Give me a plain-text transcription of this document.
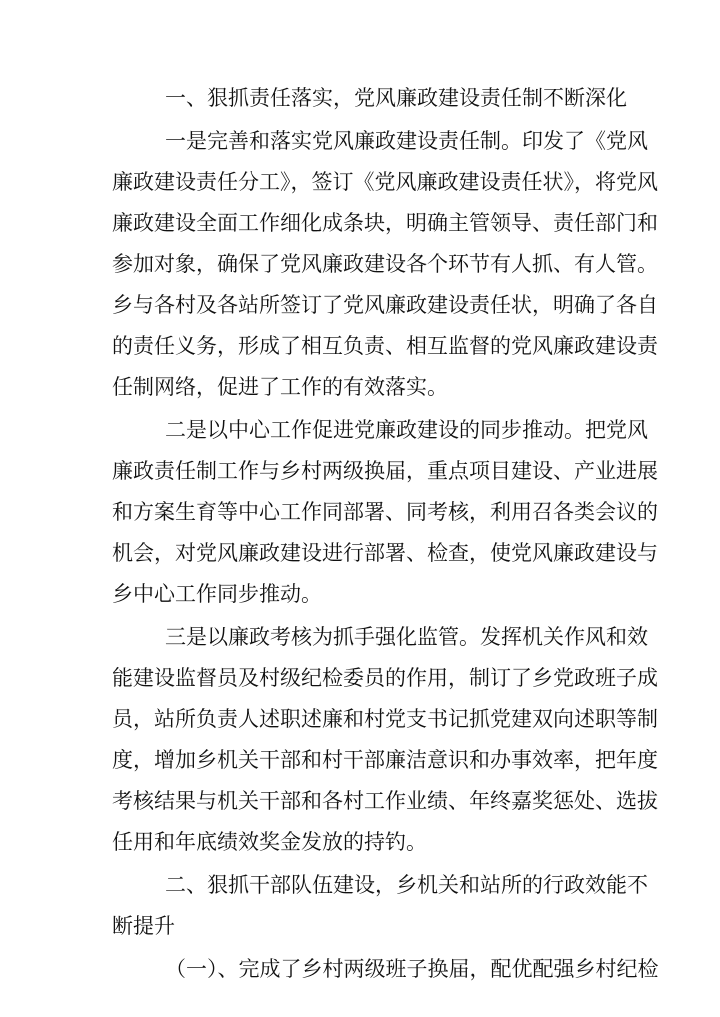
一、狠抓责任落实，党风廉政建设责任制不断深化
一是完善和落实党风廉政建设责任制。印发了《党风
廉政建设责任分工》，签订《党风廉政建设责任状》，将党风
廉政建设全面工作细化成条块，明确主管领导、责任部门和
参加对象，确保了党风廉政建设各个环节有人抓、有人管。
乡与各村及各站所签订了党风廉政建设责任状，明确了各自
的责任义务，形成了相互负责、相互监督的党风廉政建设责
任制网络，促进了工作的有效落实。
二是以中心工作促进党廉政建设的同步推动。把党风
廉政责任制工作与乡村两级换届，重点项目建设、产业进展
和方案生育等中心工作同部署、同考核，利用召各类会议的
机会，对党风廉政建设进行部署、检查，使党风廉政建设与
乡中心工作同步推动。
三是以廉政考核为抓手强化监管。发挥机关作风和效
能建设监督员及村级纪检委员的作用，制订了乡党政班子成
员，站所负责人述职述廉和村党支书记抓党建双向述职等制
度，增加乡机关干部和村干部廉洁意识和办事效率，把年度
考核结果与机关干部和各村工作业绩、年终嘉奖惩处、选拔
任用和年底绩效奖金发放的持钓。
二、狠抓干部队伍建设，乡机关和站所的行政效能不
断提升
（一）、完成了乡村两级班子换届，配优配强乡村纪检
